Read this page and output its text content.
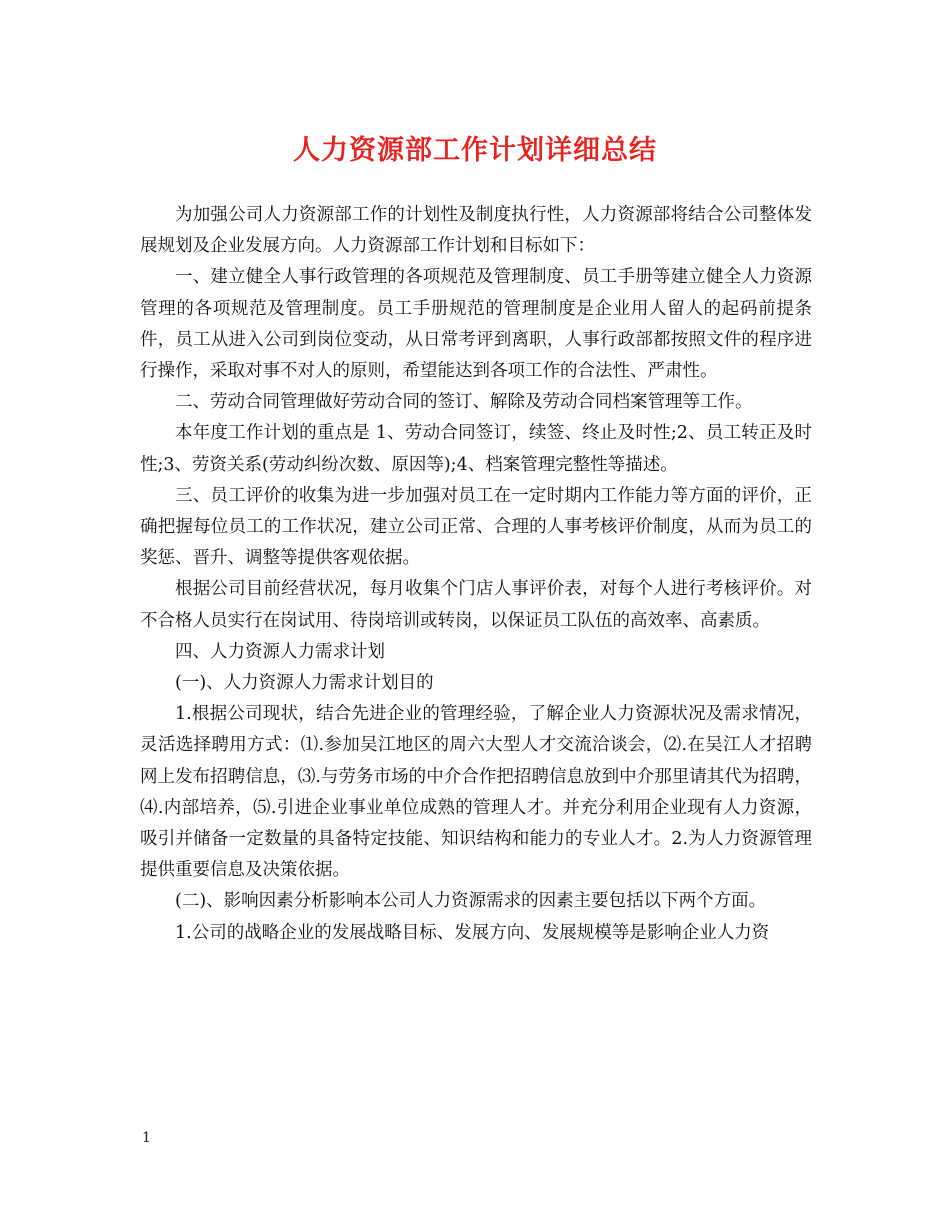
人力资源部工作计划详细总结

为加强公司人力资源部工作的计划性及制度执行性，人力资源部将结合公司整体发展规划及企业发展方向。人力资源部工作计划和目标如下：

一、建立健全人事行政管理的各项规范及管理制度、员工手册等建立健全人力资源管理的各项规范及管理制度。员工手册规范的管理制度是企业用人留人的起码前提条件，员工从进入公司到岗位变动，从日常考评到离职，人事行政部都按照文件的程序进行操作，采取对事不对人的原则，希望能达到各项工作的合法性、严肃性。

二、劳动合同管理做好劳动合同的签订、解除及劳动合同档案管理等工作。

本年度工作计划的重点是 1、劳动合同签订，续签、终止及时性;2、员工转正及时性;3、劳资关系(劳动纠纷次数、原因等);4、档案管理完整性等描述。

三、员工评价的收集为进一步加强对员工在一定时期内工作能力等方面的评价，正确把握每位员工的工作状况，建立公司正常、合理的人事考核评价制度，从而为员工的奖惩、晋升、调整等提供客观依据。

根据公司目前经营状况，每月收集个门店人事评价表，对每个人进行考核评价。对不合格人员实行在岗试用、待岗培训或转岗，以保证员工队伍的高效率、高素质。

四、人力资源人力需求计划

(一)、人力资源人力需求计划目的

1.根据公司现状，结合先进企业的管理经验，了解企业人力资源状况及需求情况，灵活选择聘用方式：⑴.参加吴江地区的周六大型人才交流洽谈会，⑵.在吴江人才招聘网上发布招聘信息，⑶.与劳务市场的中介合作把招聘信息放到中介那里请其代为招聘，⑷.内部培养，⑸.引进企业事业单位成熟的管理人才。并充分利用企业现有人力资源，吸引并储备一定数量的具备特定技能、知识结构和能力的专业人才。2.为人力资源管理提供重要信息及决策依据。

(二)、影响因素分析影响本公司人力资源需求的因素主要包括以下两个方面。

1.公司的战略企业的发展战略目标、发展方向、发展规模等是影响企业人力资

1
